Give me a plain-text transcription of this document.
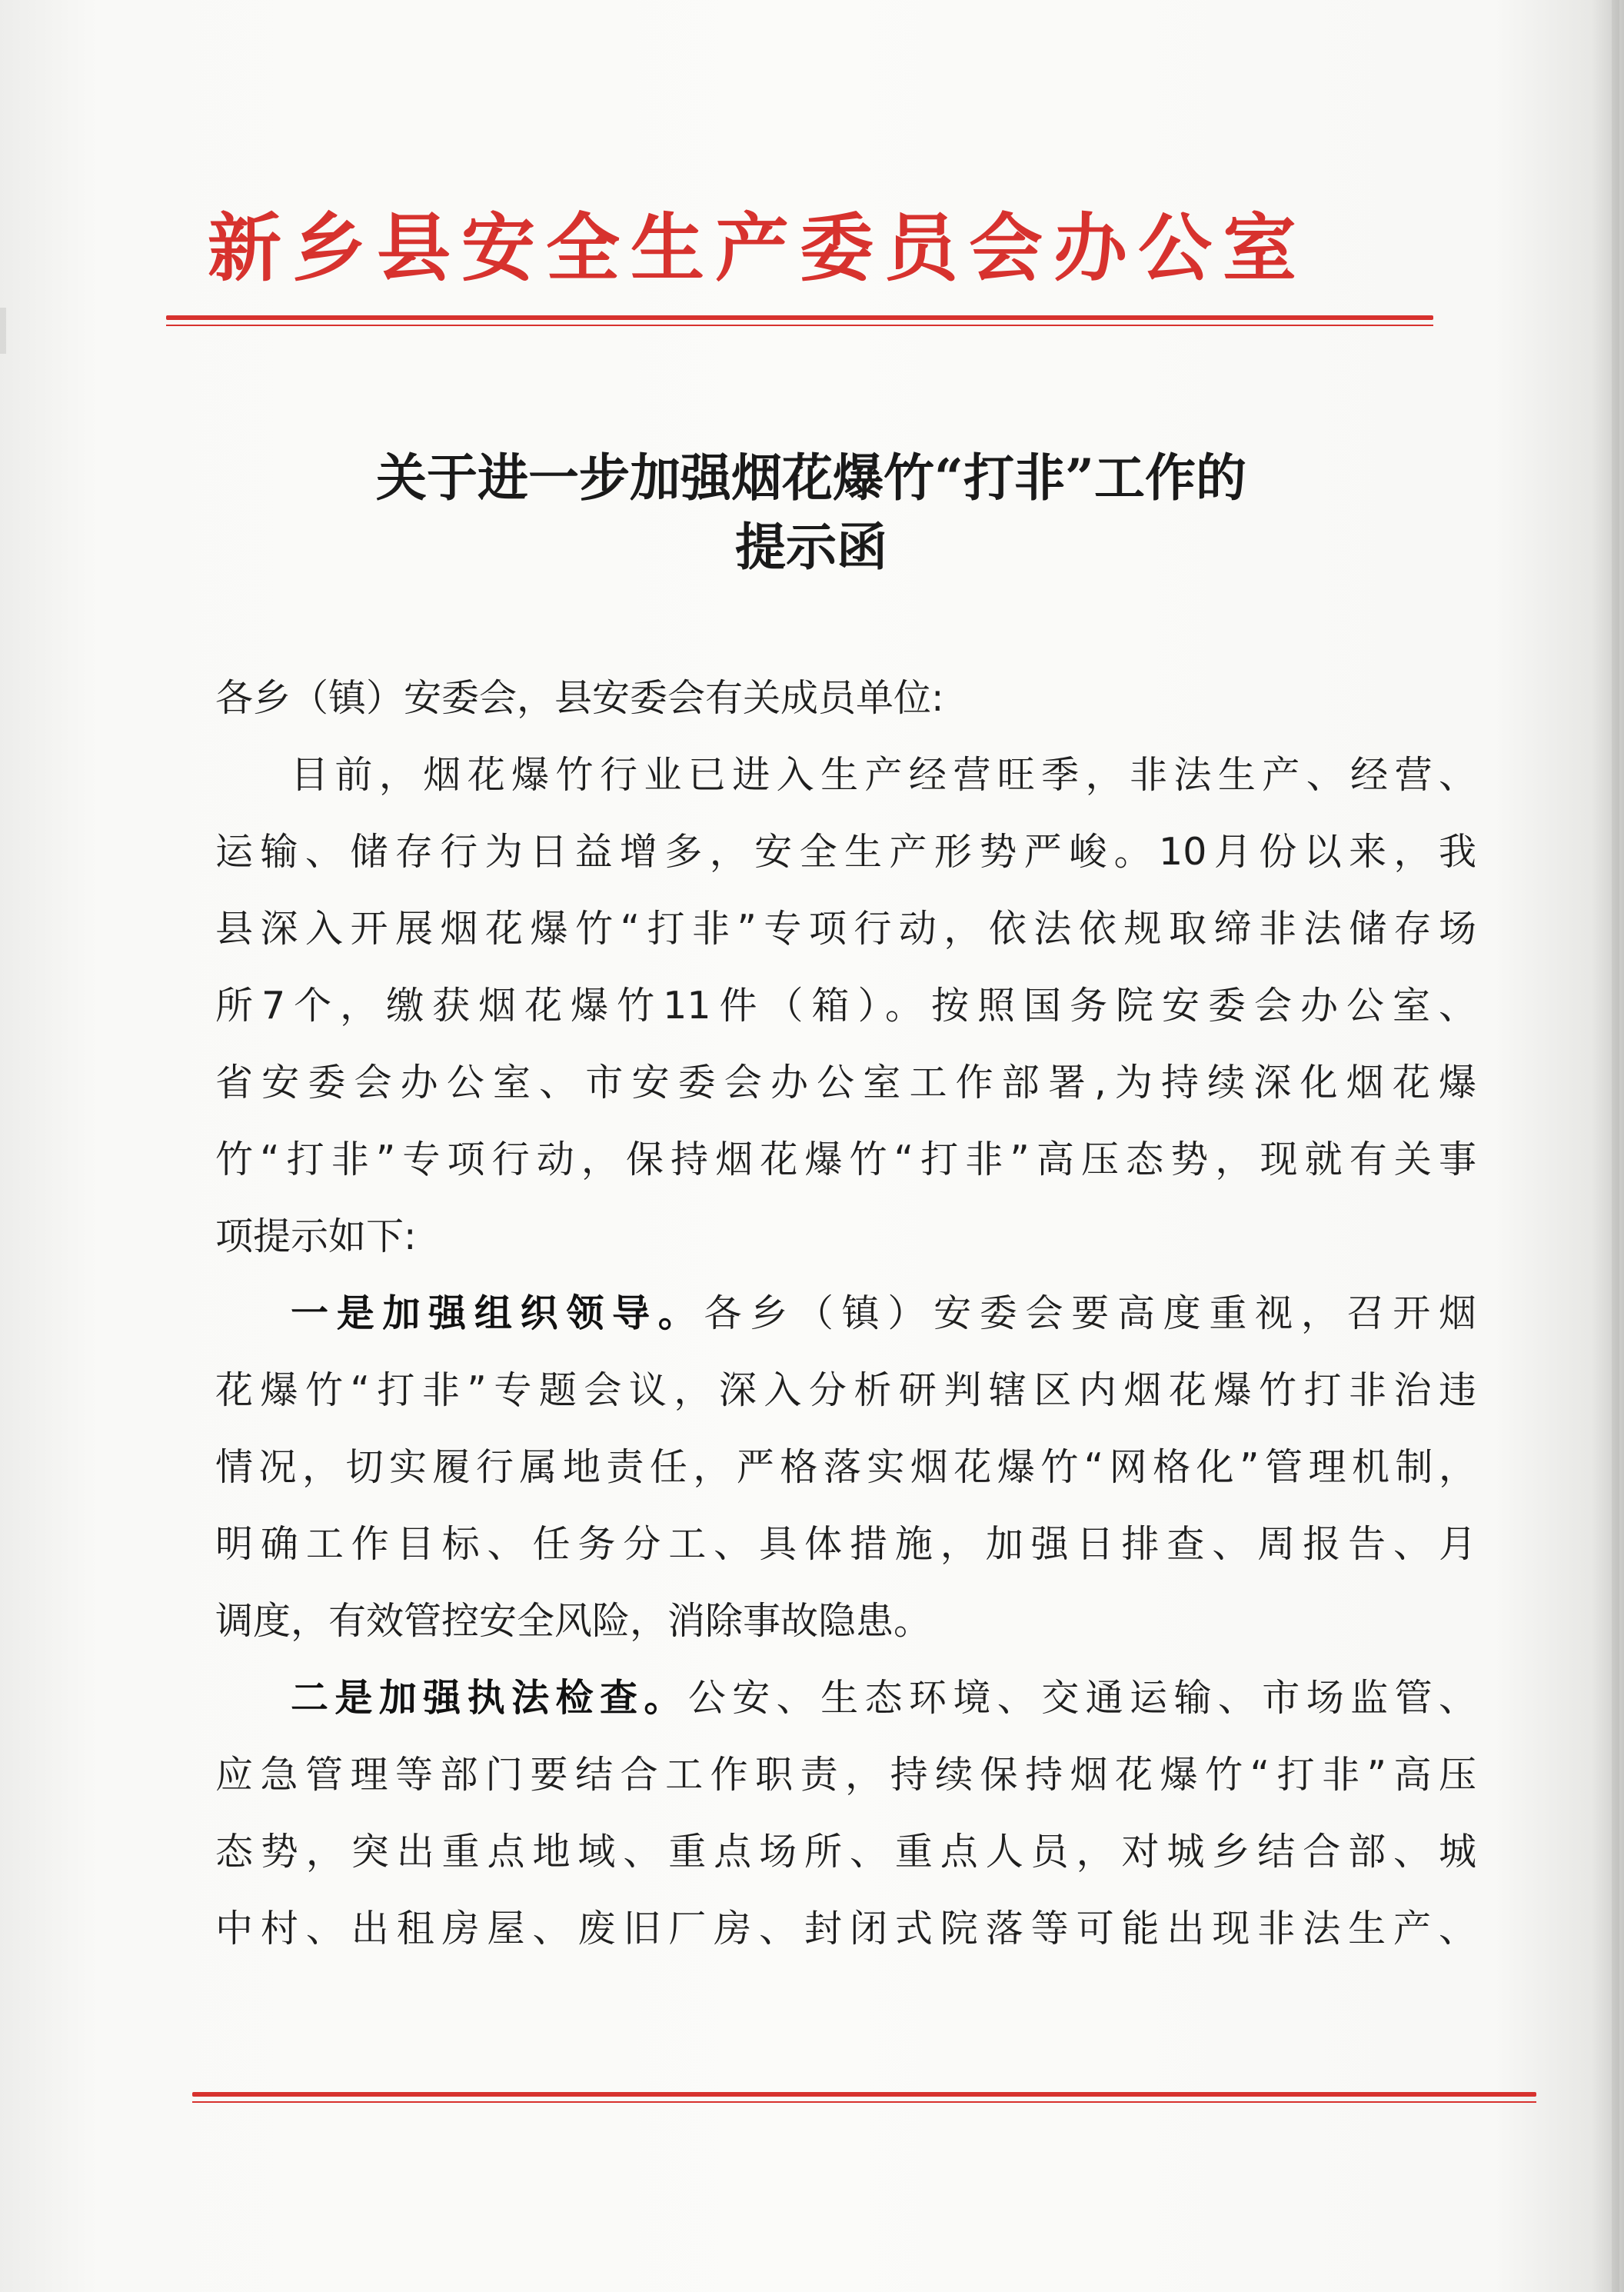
新乡县安全生产委员会办公室
关于进一步加强烟花爆竹“打非”工作的
提示函
各乡（镇）安委会，县安委会有关成员单位:
目前，烟花爆竹行业已进入生产经营旺季，非法生产、经营、
运输、储存行为日益增多，安全生产形势严峻。10月份以来，我
县深入开展烟花爆竹“打非”专项行动，依法依规取缔非法储存场
所7个，缴获烟花爆竹11件（箱）。按照国务院安委会办公室、
省安委会办公室、市安委会办公室工作部署,为持续深化烟花爆
竹“打非”专项行动，保持烟花爆竹“打非”高压态势，现就有关事
项提示如下:
一是加强组织领导。各乡（镇）安委会要高度重视，召开烟
花爆竹“打非”专题会议，深入分析研判辖区内烟花爆竹打非治违
情况，切实履行属地责任，严格落实烟花爆竹“网格化”管理机制，
明确工作目标、任务分工、具体措施，加强日排查、周报告、月
调度，有效管控安全风险，消除事故隐患。
二是加强执法检查。公安、生态环境、交通运输、市场监管、
应急管理等部门要结合工作职责，持续保持烟花爆竹“打非”高压
态势，突出重点地域、重点场所、重点人员，对城乡结合部、城
中村、出租房屋、废旧厂房、封闭式院落等可能出现非法生产、
